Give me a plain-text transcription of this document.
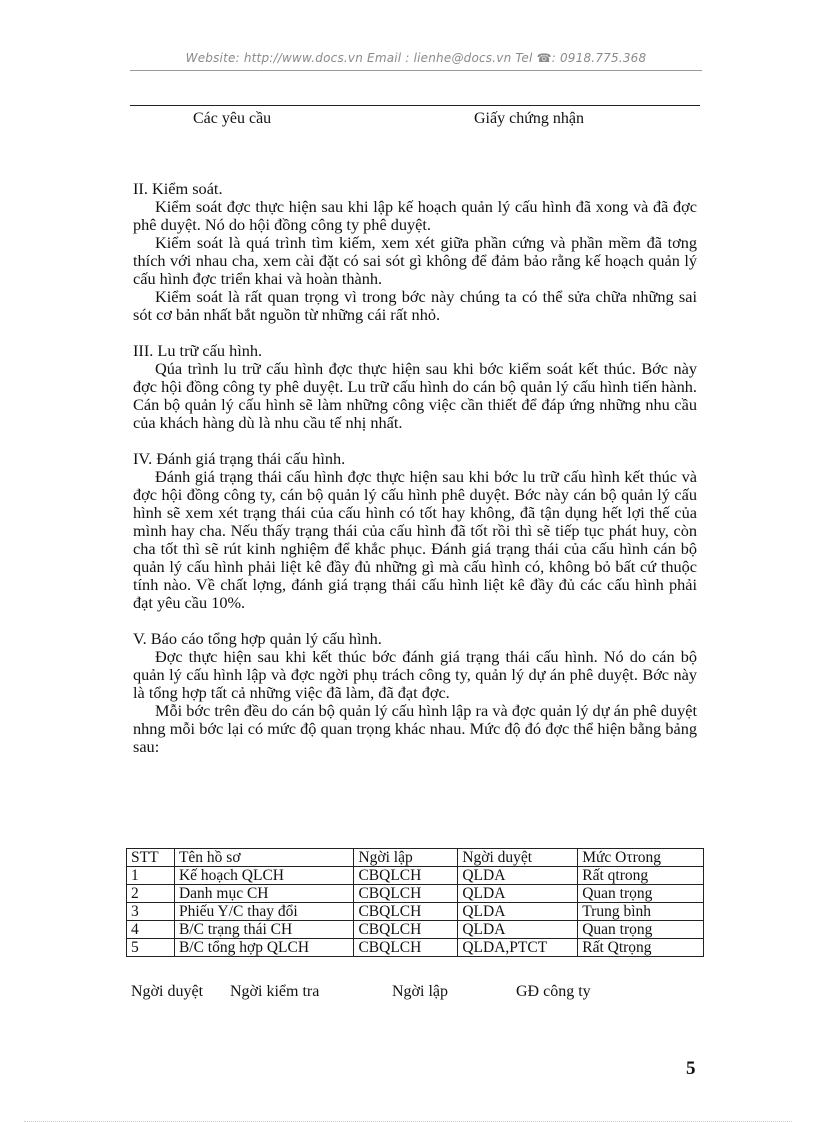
Website: http://www.docs.vn Email : lienhe@docs.vn Tel ☎: 0918.775.368
Các yêu cầu	Giấy chứng nhận
II. Kiểm soát.

Kiểm soát đợc thực hiện sau khi lập kế hoạch quản lý cấu hình đã xong và đã đợc phê duyệt. Nó do hội đồng công ty phê duyệt.

Kiểm soát là quá trình tìm kiếm, xem xét giữa phần cứng và phần mềm đã tơng thích với nhau cha, xem cài đặt có sai sót gì không để đảm bảo rằng kế hoạch quản lý cấu hình đợc triển khai và hoàn thành.

Kiểm soát là rất quan trọng vì trong bớc này chúng ta có thể sửa chữa những sai sót cơ bản nhất bắt nguồn từ những cái rất nhỏ.

III. Lu trữ cấu hình.

Qúa trình lu trữ cấu hình đợc thực hiện sau khi bớc kiểm soát kết thúc. Bớc này đợc hội đồng công ty phê duyệt. Lu trữ cấu hình do cán bộ quản lý cấu hình tiến hành. Cán bộ quản lý cấu hình sẽ làm những công việc cần thiết để đáp ứng những nhu cầu của khách hàng dù là nhu cầu tế nhị nhất.

IV. Đánh giá trạng thái cấu hình.

Đánh giá trạng thái cấu hình đợc thực hiện sau khi bớc lu trữ cấu hình kết thúc và đợc hội đồng công ty, cán bộ quản lý cấu hình phê duyệt. Bớc này cán bộ quản lý cấu hình sẽ xem xét trạng thái của cấu hình có tốt hay không, đã tận dụng hết lợi thế của mình hay cha. Nếu thấy trạng thái của cấu hình đã tốt rồi thì sẽ tiếp tục phát huy, còn cha tốt thì sẽ rút kinh nghiệm để khắc phục. Đánh giá trạng thái của cấu hình cán bộ quản lý cấu hình phải liệt kê đầy đủ những gì mà cấu hình có, không bỏ bất cứ thuộc tính nào. Về chất lợng, đánh giá trạng thái cấu hình liệt kê đầy đủ các cấu hình phải đạt yêu cầu 10%.

V. Báo cáo tổng hợp quản lý cấu hình.

Đợc thực hiện sau khi kết thúc bớc đánh giá trạng thái cấu hình. Nó do cán bộ quản lý cấu hình lập và đợc ngời phụ trách công ty, quản lý dự án phê duyệt. Bớc này là tổng hợp tất cả những việc đã làm, đã đạt đợc.

Mỗi bớc trên đều do cán bộ quản lý cấu hình lập ra và đợc quản lý dự án phê duyệt nhng mỗi bớc lại có mức độ quan trọng khác nhau. Mức độ đó đợc thể hiện bằng bảng sau:

STT	Tên hồ sơ	Ngời lập	Ngời duyệt	Mức Oτrong
1	Kế hoạch QLCH	CBQLCH	QLDA	Rất qtrong
2	Danh mục CH	CBQLCH	QLDA	Quan trọng
3	Phiếu Y/C thay đổi	CBQLCH	QLDA	Trung bình
4	B/C trạng thái CH	CBQLCH	QLDA	Quan trọng
5	B/C tổng hợp QLCH	CBQLCH	QLDA,PTCT	Rất Qtrọng
Ngời duyệt Ngời kiểm tra	Ngời lập	GĐ công ty
5
